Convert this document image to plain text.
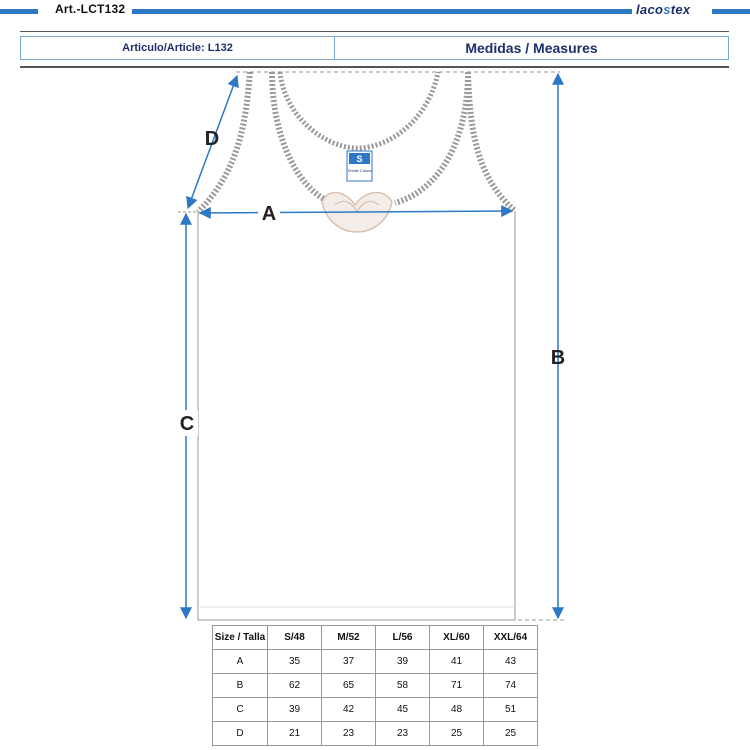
Art.-LCT132	lacostex
Articulo/Article: L132	Medidas / Measures
S
Textile Colors
A
B
C
D
Size / Talla	S/48	M/52	L/56	XL/60	XXL/64
A	35	37	39	41	43
B	62	65	58	71	74
C	39	42	45	48	51
D	21	23	23	25	25
